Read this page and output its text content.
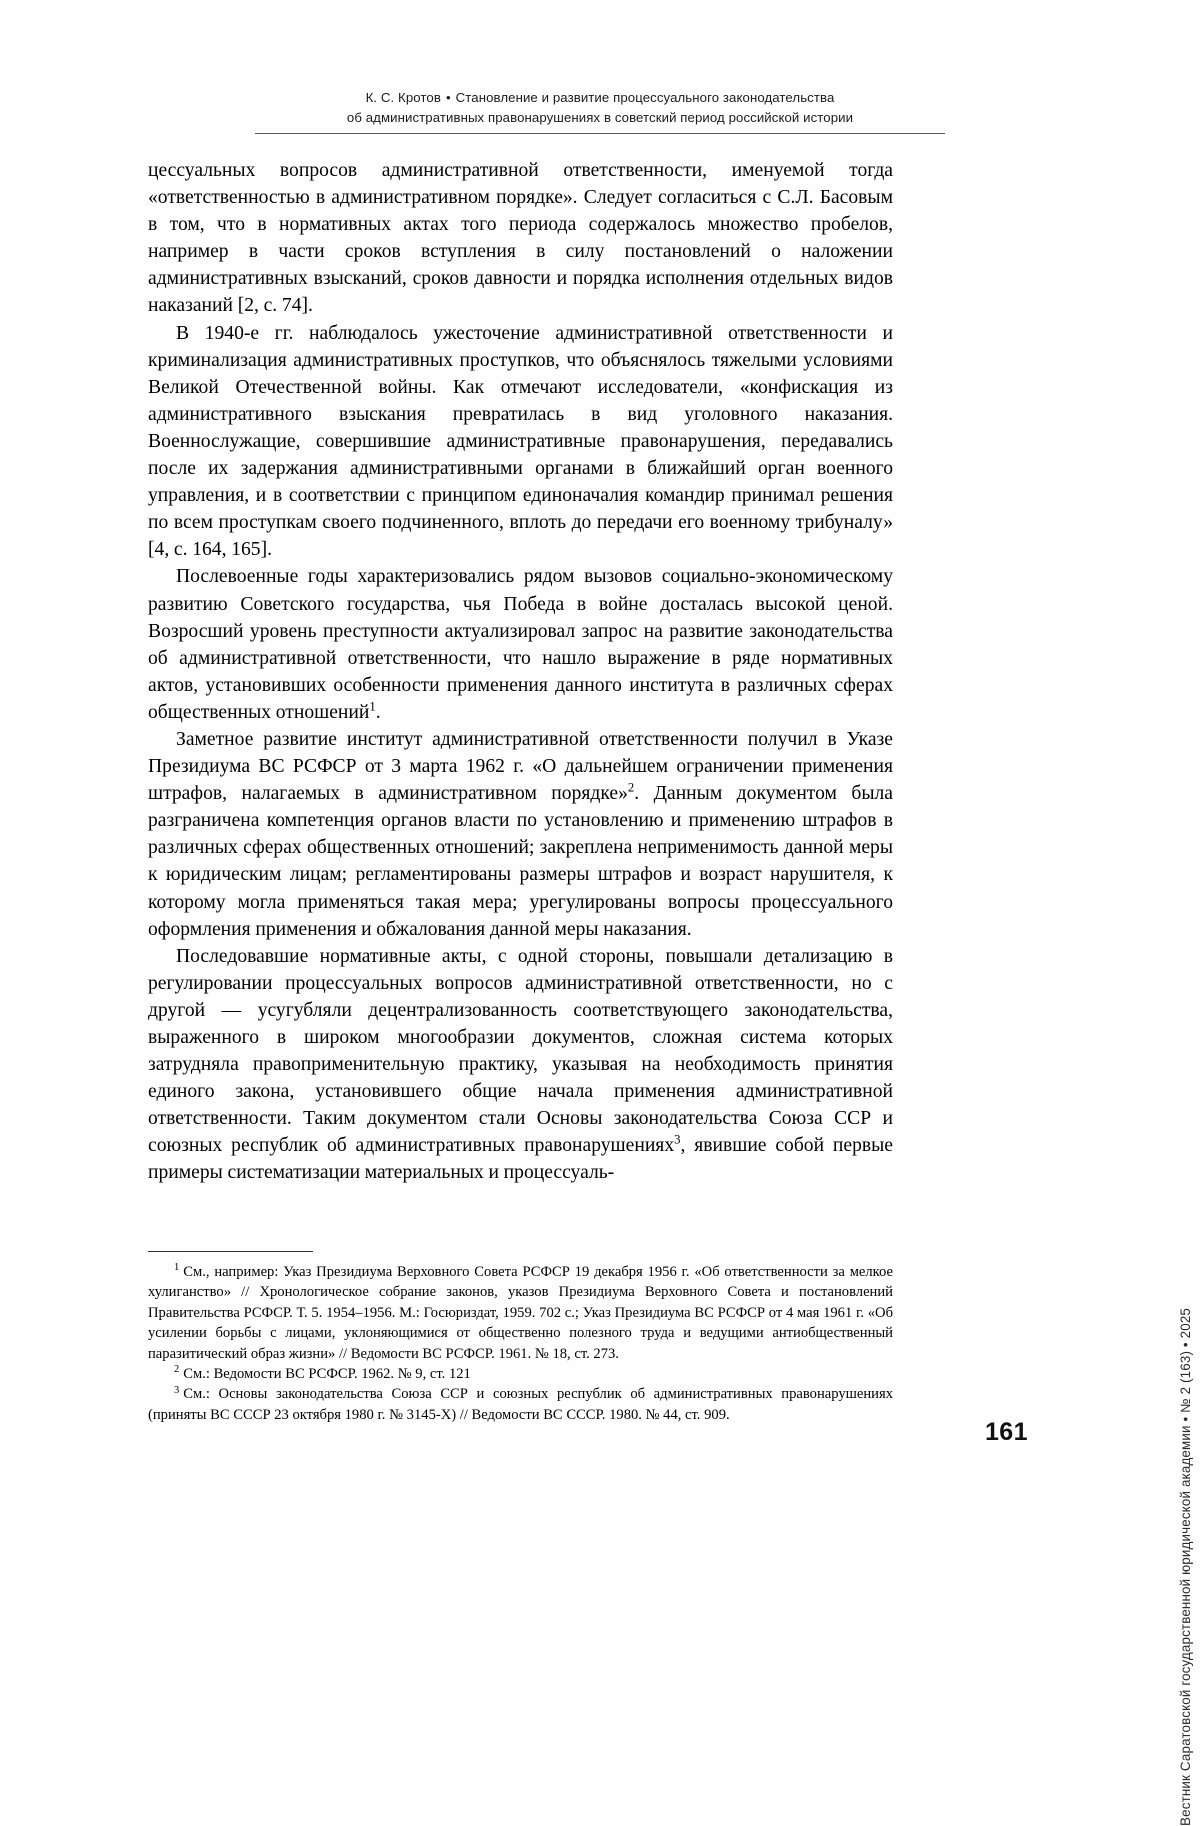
К. С. Кротов • Становление и развитие процессуального законодательства
об административных правонарушениях в советский период российской истории

цессуальных вопросов административной ответственности, именуемой тогда «ответственностью в административном порядке». Следует согласиться с С.Л. Басовым в том, что в нормативных актах того периода содержалось множество пробелов, например в части сроков вступления в силу постановлений о наложении административных взысканий, сроков давности и порядка исполнения отдельных видов наказаний [2, с. 74].

В 1940-е гг. наблюдалось ужесточение административной ответственности и криминализация административных проступков, что объяснялось тяжелыми условиями Великой Отечественной войны. Как отмечают исследователи, «конфискация из административного взыскания превратилась в вид уголовного наказания. Военнослужащие, совершившие административные правонарушения, передавались после их задержания административными органами в ближайший орган военного управления, и в соответствии с принципом единоначалия командир принимал решения по всем проступкам своего подчиненного, вплоть до передачи его военному трибуналу» [4, с. 164, 165].

Послевоенные годы характеризовались рядом вызовов социально-экономическому развитию Советского государства, чья Победа в войне досталась высокой ценой. Возросший уровень преступности актуализировал запрос на развитие законодательства об административной ответственности, что нашло выражение в ряде нормативных актов, установивших особенности применения данного института в различных сферах общественных отношений$^1$.

Заметное развитие институт административной ответственности получил в Указе Президиума ВС РСФСР от 3 марта 1962 г. «О дальнейшем ограничении применения штрафов, налагаемых в административном порядке»$^2$. Данным документом была разграничена компетенция органов власти по установлению и применению штрафов в различных сферах общественных отношений; закреплена неприменимость данной меры к юридическим лицам; регламентированы размеры штрафов и возраст нарушителя, к которому могла применяться такая мера; урегулированы вопросы процессуального оформления применения и обжалования данной меры наказания.

Последовавшие нормативные акты, с одной стороны, повышали детализацию в регулировании процессуальных вопросов административной ответственности, но с другой — усугубляли децентрализованность соответствующего законодательства, выраженного в широком многообразии документов, сложная система которых затрудняла правоприменительную практику, указывая на необходимость принятия единого закона, установившего общие начала применения административной ответственности. Таким документом стали Основы законодательства Союза ССР и союзных республик об административных правонарушениях$^3$, явившие собой первые примеры систематизации материальных и процессуаль-

$^1$ См., например: Указ Президиума Верховного Совета РСФСР 19 декабря 1956 г. «Об ответственности за мелкое хулиганство» // Хронологическое собрание законов, указов Президиума Верховного Совета и постановлений Правительства РСФСР. Т. 5. 1954–1956. М.: Госюриздат, 1959. 702 с.; Указ Президиума ВС РСФСР от 4 мая 1961 г. «Об усилении борьбы с лицами, уклоняющимися от общественно полезного труда и ведущими антиобщественный паразитический образ жизни» // Ведомости ВС РСФСР. 1961. № 18, ст. 273.

$^2$ См.: Ведомости ВС РСФСР. 1962. № 9, ст. 121

$^3$ См.: Основы законодательства Союза ССР и союзных республик об административных правонарушениях (приняты ВС СССР 23 октября 1980 г. № 3145-X) // Ведомости ВС СССР. 1980. № 44, ст. 909.

161	Вестник Саратовской государственной юридической академии • № 2 (163) • 2025
